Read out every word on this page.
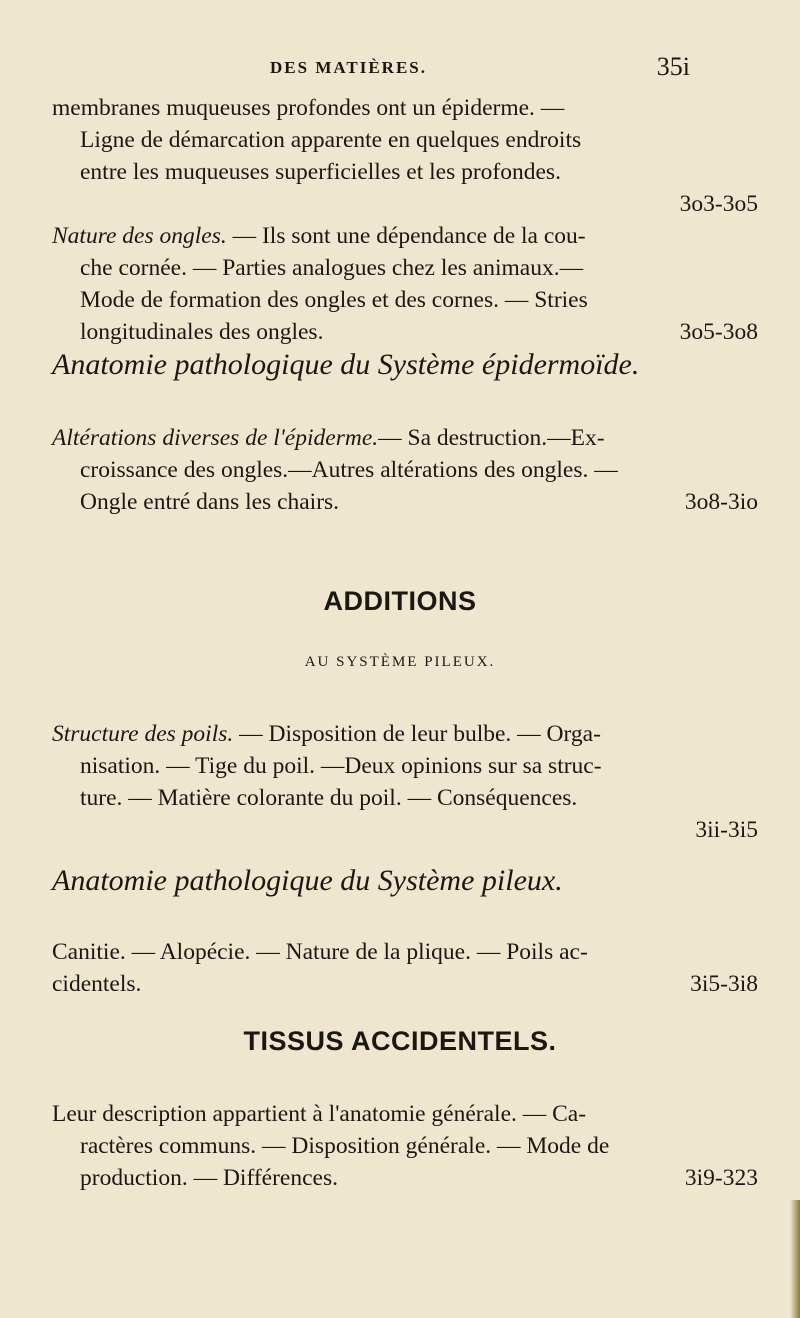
DES MATIÈRES.	35i
membranes muqueuses profondes ont un épiderme. —
Ligne de démarcation apparente en quelques endroits
entre les muqueuses superficielles et les profondes.
3o3-3o5
Nature des ongles. — Ils sont une dépendance de la cou-
che cornée. — Parties analogues chez les animaux.—
Mode de formation des ongles et des cornes. — Stries
longitudinales des ongles.	3o5-3o8
Anatomie pathologique du Système épidermoïde.
Altérations diverses de l'épiderme.— Sa destruction.—Ex-
croissance des ongles.—Autres altérations des ongles. —
Ongle entré dans les chairs.	3o8-3io
ADDITIONS
AU SYSTÈME PILEUX.
Structure des poils. — Disposition de leur bulbe. — Orga-
nisation. — Tige du poil. —Deux opinions sur sa struc-
ture. — Matière colorante du poil. — Conséquences.
3ii-3i5
Anatomie pathologique du Système pileux.
Canitie. — Alopécie. — Nature de la plique. — Poils ac-
cidentels.	3i5-3i8
TISSUS ACCIDENTELS.
Leur description appartient à l'anatomie générale. — Ca-
ractères communs. — Disposition générale. — Mode de
production. — Différences.	3i9-323
